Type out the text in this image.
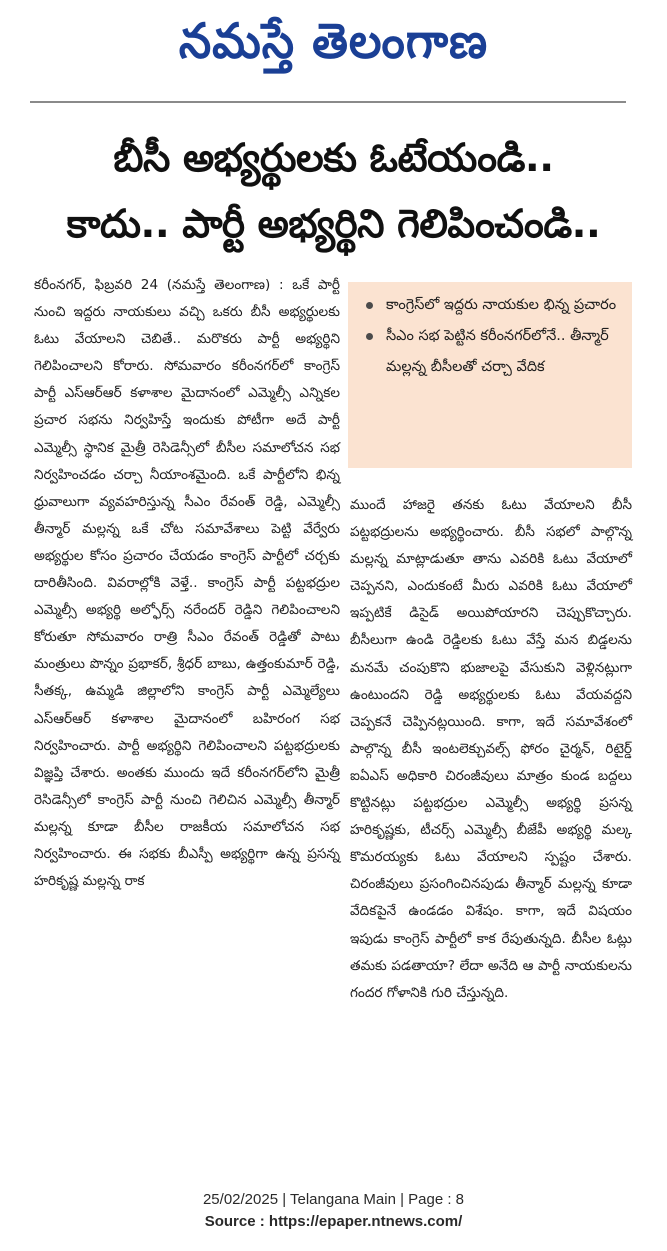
నమస్తే తెలంగాణ
బీసీ అభ్యర్థులకు ఓటేయండి..
కాదు.. పార్టీ అభ్యర్థిని గెలిపించండి..

కరీంనగర్, ఫిబ్రవరి 24 (నమస్తే తెలంగాణ) : ఒకే పార్టీ నుంచి ఇద్దరు నాయకులు వచ్చి ఒకరు బీసీ అభ్యర్థులకు ఓటు వేయాలని చెబితే.. మరొకరు పార్టీ అభ్యర్థిని గెలిపించాలని కోరారు. సోమవారం కరీంనగర్‌లో కాంగ్రెస్ పార్టీ ఎస్ఆర్ఆర్ కళాశాల మైదానంలో ఎమ్మెల్సీ ఎన్నికల ప్రచార సభను నిర్వహిస్తే ఇందుకు పోటీగా అదే పార్టీ ఎమ్మెల్సీ స్థానిక మైత్రీ రెసిడెన్సీలో బీసీల సమాలోచన సభ నిర్వహించడం చర్చా నీయాంశమైంది. ఒకే పార్టీలోని భిన్న ధ్రువాలుగా వ్యవహరిస్తున్న సీఎం రేవంత్ రెడ్డి, ఎమ్మెల్సీ తీన్మార్ మల్లన్న ఒకే చోట సమావేశాలు పెట్టి వేర్వేరు అభ్యర్థుల కోసం ప్రచారం చేయడం కాంగ్రెస్ పార్టీలో చర్చకు దారితీసింది. వివరాల్లోకి వెళ్తే.. కాంగ్రెస్ పార్టీ పట్టభద్రుల ఎమ్మెల్సీ అభ్యర్థి అల్ఫోర్స్ నరేందర్ రెడ్డిని గెలిపించాలని కోరుతూ సోమవారం రాత్రి సీఎం రేవంత్ రెడ్డితో పాటు మంత్రులు పొన్నం ప్రభాకర్, శ్రీధర్ బాబు, ఉత్తంకుమార్ రెడ్డి, సీతక్క, ఉమ్మడి జిల్లాలోని కాంగ్రెస్ పార్టీ ఎమ్మెల్యేలు ఎస్ఆర్ఆర్ కళాశాల మైదానంలో బహిరంగ సభ నిర్వహించారు. పార్టీ అభ్యర్థిని గెలిపించాలని పట్టభద్రులకు విజ్ఞప్తి చేశారు. అంతకు ముందు ఇదే కరీంనగర్‌లోని మైత్రీ రెసిడెన్సీలో కాంగ్రెస్ పార్టీ నుంచి గెలిచిన ఎమ్మెల్సీ తీన్మార్ మల్లన్న కూడా బీసీల రాజకీయ సమాలోచన సభ నిర్వహించారు. ఈ సభకు బీఎస్పీ అభ్యర్థిగా ఉన్న ప్రసన్న హరికృష్ణ మల్లన్న రాక

కాంగ్రెస్‌లో ఇద్దరు నాయకుల భిన్న ప్రచారం
సీఎం సభ పెట్టిన కరీంనగర్‌లోనే.. తీన్మార్ మల్లన్న బీసీలతో చర్చా వేదిక

ముందే హాజరై తనకు ఓటు వేయాలని బీసీ పట్టభద్రులను అభ్యర్థించారు. బీసీ సభలో పాల్గొన్న మల్లన్న మాట్లాడుతూ తాను ఎవరికి ఓటు వేయాలో చెప్పనని, ఎందుకంటే మీరు ఎవరికి ఓటు వేయాలో ఇప్పటికే డిసైడ్ అయిపోయారని చెప్పుకొచ్చారు. బీసీలుగా ఉండి రెడ్డిలకు ఓటు వేస్తే మన బిడ్డలను మనమే చంపుకొని భుజాలపై వేసుకుని వెళ్లినట్లుగా ఉంటుందని రెడ్డి అభ్యర్థులకు ఓటు వేయవద్దని చెప్పకనే చెప్పినట్లయింది. కాగా, ఇదే సమావేశంలో పాల్గొన్న బీసీ ఇంటలెక్చువల్స్ ఫోరం చైర్మన్, రిటైర్డ్ ఐఏఎస్ అధికారి చిరంజీవులు మాత్రం కుండ బద్దలు కొట్టినట్లు పట్టభద్రుల ఎమ్మెల్సీ అభ్యర్థి ప్రసన్న హరికృష్ణకు, టీచర్స్ ఎమ్మెల్సీ బీజేపీ అభ్యర్థి మల్క కొమరయ్యకు ఓటు వేయాలని స్పష్టం చేశారు. చిరంజీవులు ప్రసంగించినపుడు తీన్మార్ మల్లన్న కూడా వేదికపైనే ఉండడం విశేషం. కాగా, ఇదే విషయం ఇపుడు కాంగ్రెస్ పార్టీలో కాక రేపుతున్నది. బీసీల ఓట్లు తమకు పడతాయా? లేదా అనేది ఆ పార్టీ నాయకులను గందర గోళానికి గురి చేస్తున్నది.

25/02/2025 | Telangana Main | Page : 8
Source : https://epaper.ntnews.com/
